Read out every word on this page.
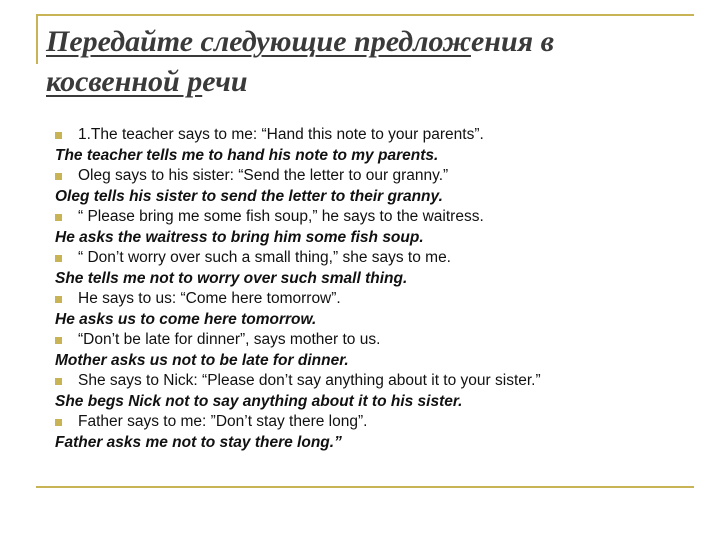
Передайте следующие предложения в
косвенной речи
1.The teacher says to me: “Hand this note to your parents”.
The teacher tells me to hand his note to my parents.
Oleg says to his sister: “Send the letter to our granny.”
Oleg tells his sister to send the letter to their granny.
“ Please bring me some fish soup,” he says to the waitress.
He asks the waitress to bring him some fish soup.
“ Don’t worry over such a small thing,” she says to me.
She tells me not to worry over such small thing.
He says to us: “Come here tomorrow”.
He asks us to come here tomorrow.
“Don’t be late for dinner”, says mother to us.
Mother asks us not to be late for dinner.
She says to Nick: “Please don’t say anything about it to your sister.”
She begs Nick not to say anything about it to his sister.
Father says to me: ”Don’t stay there long”.
Father asks me not to stay there long.”
